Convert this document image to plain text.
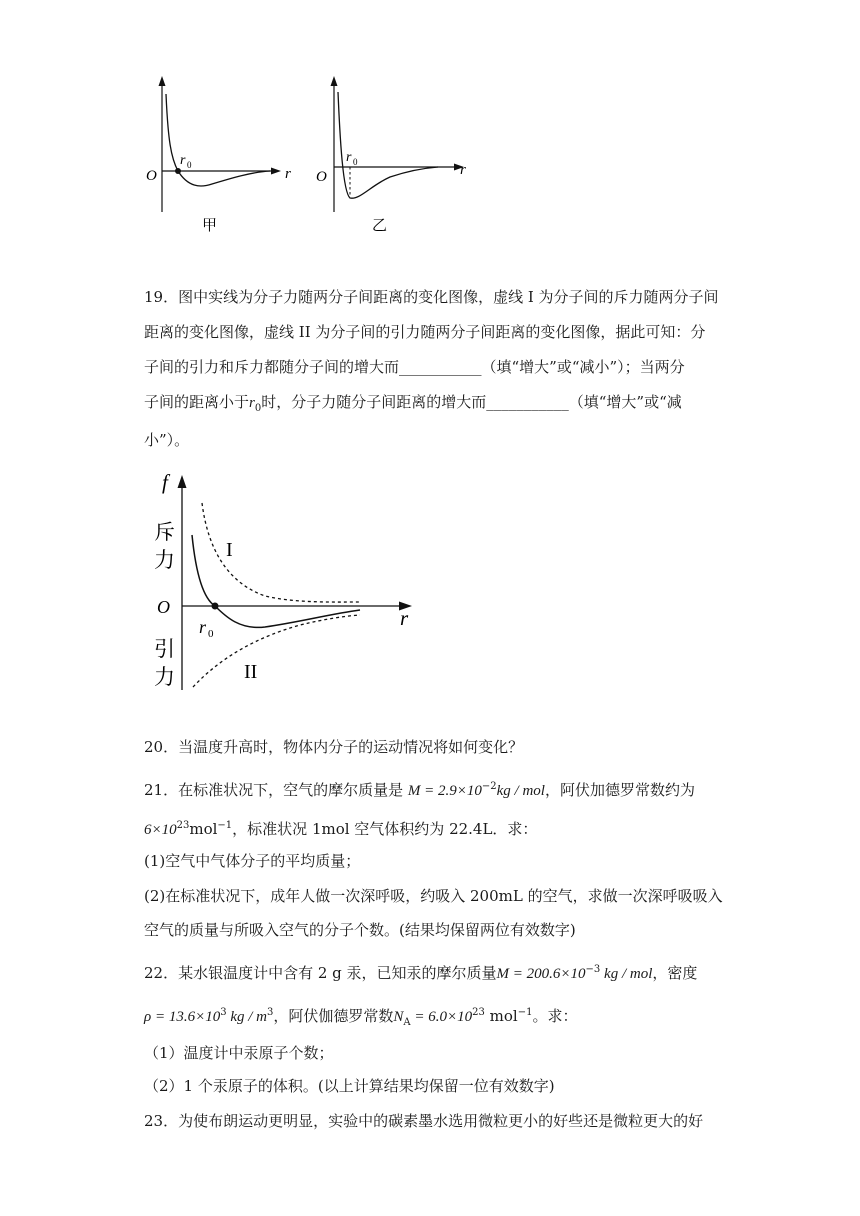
O	r
r 0
甲
O	r
r 0
乙
19．图中实线为分子力随两分子间距离的变化图像，虚线 I 为分子间的斥力随两分子间
距离的变化图像，虚线 II 为分子间的引力随两分子间距离的变化图像，据此可知：分
子间的引力和斥力都随分子间的增大而___________（填“增大”或“减小”）；当两分
子间的距离小于$r_0$时，分子力随分子间距离的增大而___________（填“增大”或“减
小”）。
f
斥
力
O
引
力
r
r 0
I
II
20．当温度升高时，物体内分子的运动情况将如何变化？
21．在标准状况下，空气的摩尔质量是 $M = 2.9\times 10^{-2}kg$ / mol，阿伏加德罗常数约为
$6\times 10^{23}mol^{-1}$，标准状况 1mol 空气体积约为 22.4L．求：
(1)空气中气体分子的平均质量；
(2)在标准状况下，成年人做一次深呼吸，约吸入 200mL 的空气，求做一次深呼吸吸入
空气的质量与所吸入空气的分子个数。(结果均保留两位有效数字)
22．某水银温度计中含有 2 g 汞，已知汞的摩尔质量$M = 200.6\times 10^{-3}$ kg / mol，密度
$\rho = 13.6\times 10^3$ kg / $m^3$，阿伏伽德罗常数$N_A = 6.0\times 10^{23}$ mol$^{-1}$。求：
（1）温度计中汞原子个数；
（2）1 个汞原子的体积。(以上计算结果均保留一位有效数字)
23．为使布朗运动更明显，实验中的碳素墨水选用微粒更小的好些还是微粒更大的好
